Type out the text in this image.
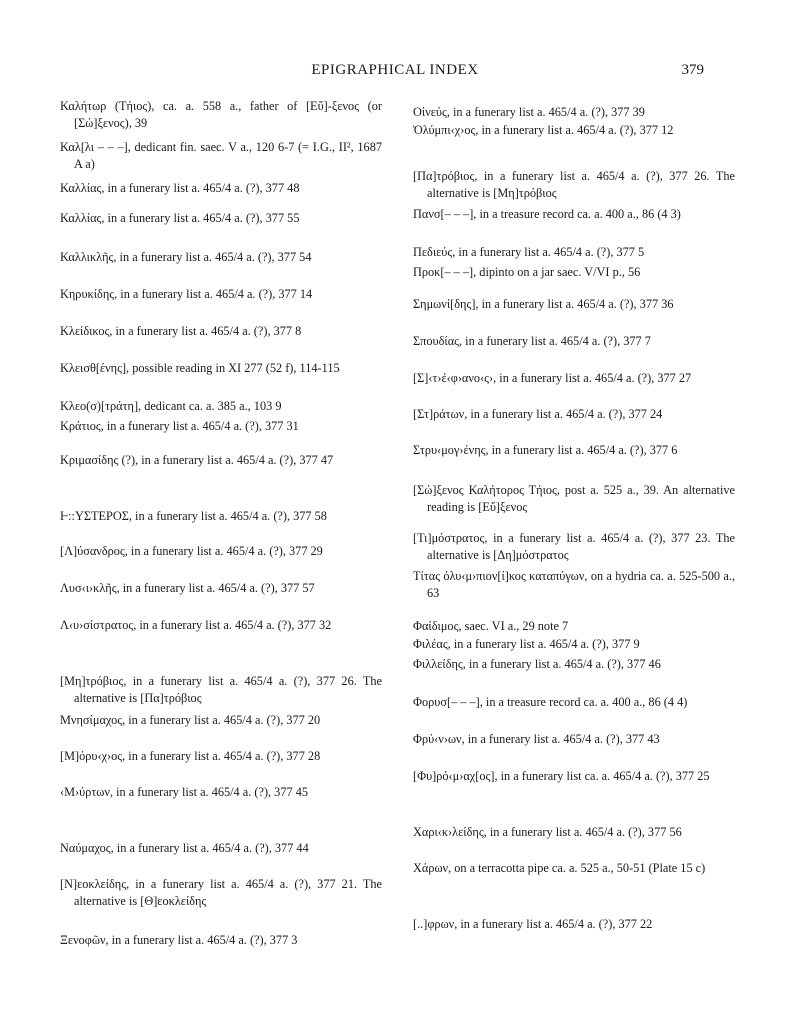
EPIGRAPHICAL INDEX	379
Καλήτωρ (Τήιος), ca. a. 558 a., father of [Εὔ]-ξενος (or [Σώ]ξενος), 39
Καλ[λι – – –], dedicant fin. saec. V a., 120 6-7 (= I.G., II², 1687 A a)
Καλλίας, in a funerary list a. 465/4 a. (?), 377 48
Καλλίας, in a funerary list a. 465/4 a. (?), 377 55
Καλλικλῆς, in a funerary list a. 465/4 a. (?), 377 54
Κηρυκίδης, in a funerary list a. 465/4 a. (?), 377 14
Κλείδικος, in a funerary list a. 465/4 a. (?), 377 8
Κλεισθ[ένης], possible reading in XI 277 (52 f), 114-115
Κλεο(σ)[τράτη], dedicant ca. a. 385 a., 103 9
Κράτιος, in a funerary list a. 465/4 a. (?), 377 31
Κριμασίδης (?), in a funerary list a. 465/4 a. (?), 377 47
Ⱶ::ΥΣΤΕΡΟΣ, in a funerary list a. 465/4 a. (?), 377 58
[Λ]ύσανδρος, in a funerary list a. 465/4 a. (?), 377 29
Λυσ‹ι›κλῆς, in a funerary list a. 465/4 a. (?), 377 57
Λ‹υ›σίστρατος, in a funerary list a. 465/4 a. (?), 377 32
[Μη]τρόβιος, in a funerary list a. 465/4 a. (?), 377 26. The alternative is [Πα]τρόβιος
Μνησίμαχος, in a funerary list a. 465/4 a. (?), 377 20
[Μ]όρυ‹χ›ος, in a funerary list a. 465/4 a. (?), 377 28
‹Μ›ύρτων, in a funerary list a. 465/4 a. (?), 377 45
Ναύμαχος, in a funerary list a. 465/4 a. (?), 377 44
[Ν]εοκλείδης, in a funerary list a. 465/4 a. (?), 377 21. The alternative is [Θ]εοκλείδης
Ξενοφῶν, in a funerary list a. 465/4 a. (?), 377 3
Οἰνεύς, in a funerary list a. 465/4 a. (?), 377 39
Ὀλύμπι‹χ›ος, in a funerary list a. 465/4 a. (?), 377 12
[Πα]τρόβιος, in a funerary list a. 465/4 a. (?), 377 26. The alternative is [Μη]τρόβιος
Πανσ[– – –], in a treasure record ca. a. 400 a., 86 (4 3)
Πεδιεύς, in a funerary list a. 465/4 a. (?), 377 5
Προκ[– – –], dipinto on a jar saec. V/VI p., 56
Σημωνί[δης], in a funerary list a. 465/4 a. (?), 377 36
Σπουδίας, in a funerary list a. 465/4 a. (?), 377 7
[Σ]‹τ›έ‹φ›ανο‹ς›, in a funerary list a. 465/4 a. (?), 377 27
[Στ]ράτων, in a funerary list a. 465/4 a. (?), 377 24
Στρυ‹μογ›ένης, in a funerary list a. 465/4 a. (?), 377 6
[Σώ]ξενος Καλήτορος Τήιος, post a. 525 a., 39. An alternative reading is [Εὔ]ξενος
[Τι]μόστρατος, in a funerary list a. 465/4 a. (?), 377 23. The alternative is [Δη]μόστρατος
Τίτας ὀλυ‹μ›πιον[ί]κος καταπύγων, on a hydria ca. a. 525-500 a., 63
Φαίδιμος, saec. VI a., 29 note 7
Φιλέας, in a funerary list a. 465/4 a. (?), 377 9
Φιλλείδης, in a funerary list a. 465/4 a. (?), 377 46
Φορυσ[– – –], in a treasure record ca. a. 400 a., 86 (4 4)
Φρύ‹ν›ων, in a funerary list a. 465/4 a. (?), 377 43
[Φυ]ρό‹μ›αχ[ος], in a funerary list ca. a. 465/4 a. (?), 377 25
Χαρι‹κ›λείδης, in a funerary list a. 465/4 a. (?), 377 56
Χάρων, on a terracotta pipe ca. a. 525 a., 50-51 (Plate 15 c)
[..]φρων, in a funerary list a. 465/4 a. (?), 377 22
